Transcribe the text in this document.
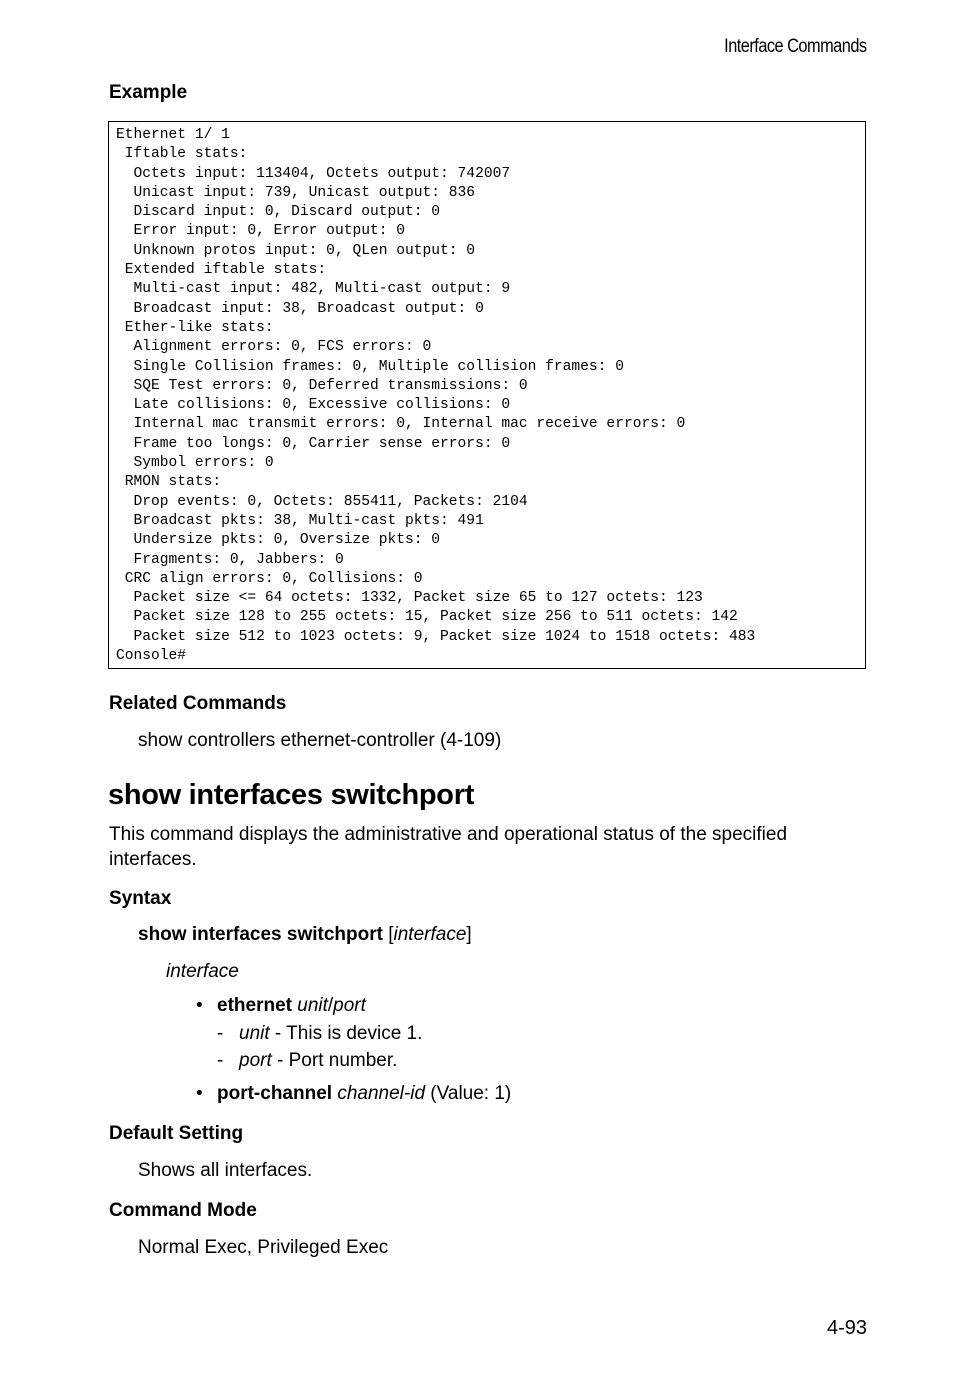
Interface Commands
Example
Ethernet 1/ 1
Iftable stats:
Octets input: 113404, Octets output: 742007
Unicast input: 739, Unicast output: 836
Discard input: 0, Discard output: 0
Error input: 0, Error output: 0
Unknown protos input: 0, QLen output: 0
Extended iftable stats:
Multi-cast input: 482, Multi-cast output: 9
Broadcast input: 38, Broadcast output: 0
Ether-like stats:
Alignment errors: 0, FCS errors: 0
Single Collision frames: 0, Multiple collision frames: 0
SQE Test errors: 0, Deferred transmissions: 0
Late collisions: 0, Excessive collisions: 0
Internal mac transmit errors: 0, Internal mac receive errors: 0
Frame too longs: 0, Carrier sense errors: 0
Symbol errors: 0
RMON stats:
Drop events: 0, Octets: 855411, Packets: 2104
Broadcast pkts: 38, Multi-cast pkts: 491
Undersize pkts: 0, Oversize pkts: 0
Fragments: 0, Jabbers: 0
CRC align errors: 0, Collisions: 0
Packet size <= 64 octets: 1332, Packet size 65 to 127 octets: 123
Packet size 128 to 255 octets: 15, Packet size 256 to 511 octets: 142
Packet size 512 to 1023 octets: 9, Packet size 1024 to 1518 octets: 483
Console#
Related Commands
show controllers ethernet-controller (4-109)
show interfaces switchport
This command displays the administrative and operational status of the specified interfaces.
Syntax
show interfaces switchport [interface]
interface
• ethernet unit/port
- unit - This is device 1.
- port - Port number.
• port-channel channel-id (Value: 1)
Default Setting
Shows all interfaces.
Command Mode
Normal Exec, Privileged Exec
4-93
